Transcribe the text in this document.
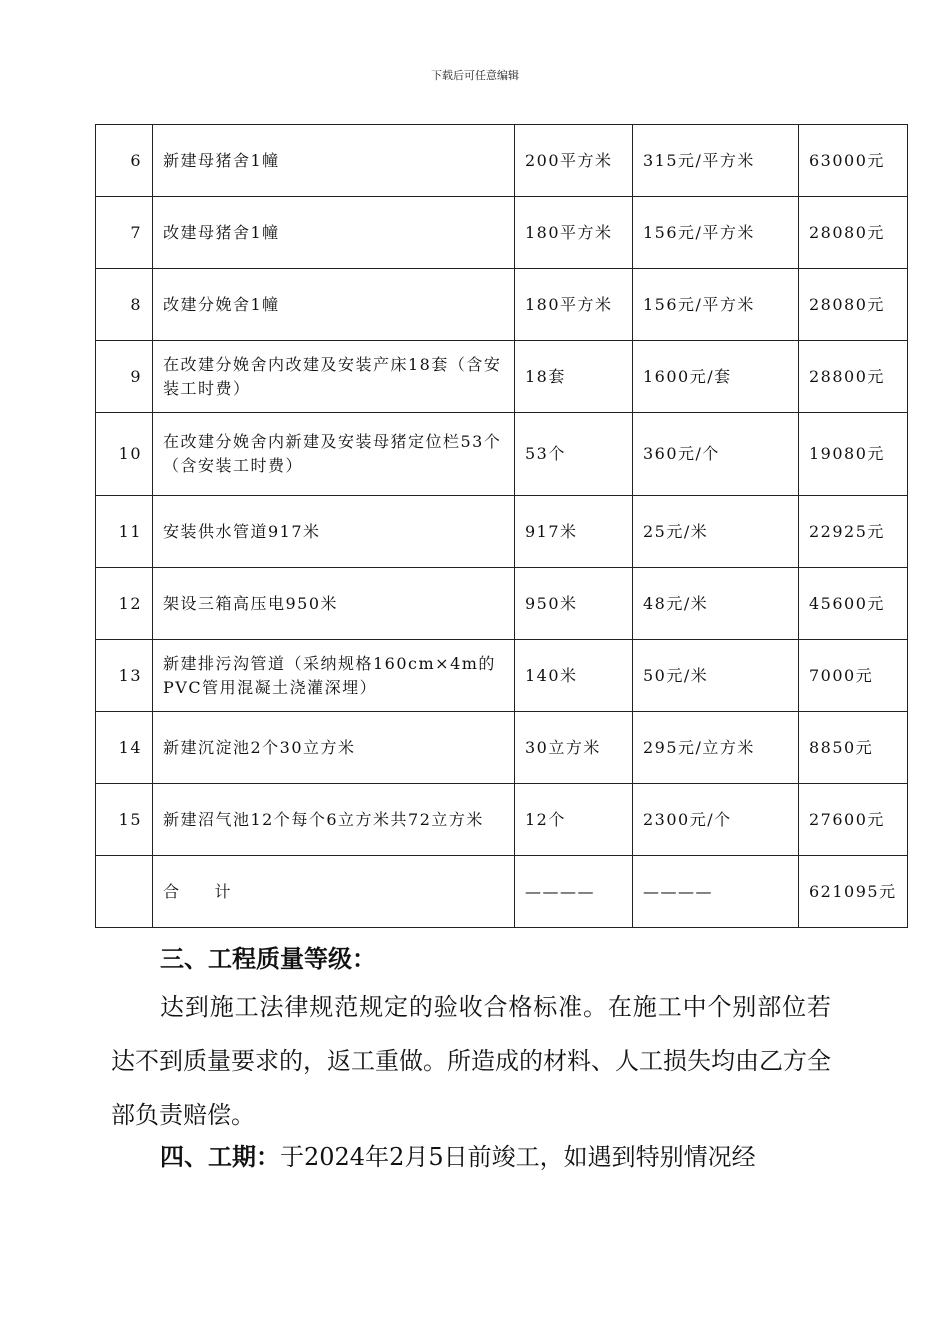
下载后可任意编辑
6	新建母猪舍1幢	200平方米	315元/平方米	63000元
7	改建母猪舍1幢	180平方米	156元/平方米	28080元
8	改建分娩舍1幢	180平方米	156元/平方米	28080元
9	在改建分娩舍内改建及安装产床18套（含安装工时费）	18套	1600元/套	28800元
10	在改建分娩舍内新建及安装母猪定位栏53个（含安装工时费）	53个	360元/个	19080元
11	安装供水管道917米	917米	25元/米	22925元
12	架设三箱高压电950米	950米	48元/米	45600元
13	新建排污沟管道（采纳规格160cm×4m的PVC管用混凝土浇灌深埋）	140米	50元/米	7000元
14	新建沉淀池2个30立方米	30立方米	295元/立方米	8850元
15	新建沼气池12个每个6立方米共72立方米	12个	2300元/个	27600元
	合 计	————	————	621095元
三、工程质量等级：
达到施工法律规范规定的验收合格标准。在施工中个别部位若达不到质量要求的，返工重做。所造成的材料、人工损失均由乙方全部负责赔偿。
四、工期：于2024年2月5日前竣工，如遇到特别情况经
